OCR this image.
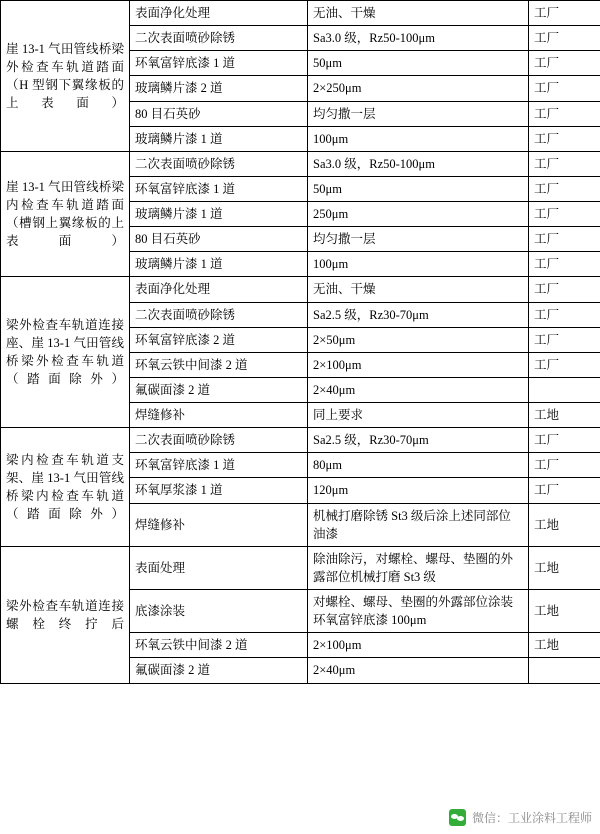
崖 13-1 气田管线桥梁外检查车轨道踏面（H 型钢下翼缘板的上表面）	表面净化处理	无油、干燥	工厂
	二次表面喷砂除锈	Sa3.0 级，Rz50-100μm	工厂
	环氧富锌底漆 1 道	50μm	工厂
	玻璃鳞片漆 2 道	2×250μm	工厂
	80 目石英砂	均匀撒一层	工厂
	玻璃鳞片漆 1 道	100μm	工厂
崖 13-1 气田管线桥梁内检查车轨道踏面（槽钢上翼缘板的上表面）	二次表面喷砂除锈	Sa3.0 级，Rz50-100μm	工厂
	环氧富锌底漆 1 道	50μm	工厂
	玻璃鳞片漆 1 道	250μm	工厂
	80 目石英砂	均匀撒一层	工厂
	玻璃鳞片漆 1 道	100μm	工厂
梁外检查车轨道连接座、崖 13-1 气田管线桥梁外检查车轨道（踏面除外）	表面净化处理	无油、干燥	工厂
	二次表面喷砂除锈	Sa2.5 级，Rz30-70μm	工厂
	环氧富锌底漆 2 道	2×50μm	工厂
	环氧云铁中间漆 2 道	2×100μm	工厂
	氟碳面漆 2 道	2×40μm	
	焊缝修补	同上要求	工地
梁内检查车轨道支架、崖 13-1 气田管线桥梁内检查车轨道（踏面除外）	二次表面喷砂除锈	Sa2.5 级，Rz30-70μm	工厂
	环氧富锌底漆 1 道	80μm	工厂
	环氧厚浆漆 1 道	120μm	工厂
	焊缝修补	机械打磨除锈 St3 级后涂上述同部位油漆	工地
梁外检查车轨道连接螺栓终拧后	表面处理	除油除污，对螺栓、螺母、垫圈的外露部位机械打磨 St3 级	工地
	底漆涂装	对螺栓、螺母、垫圈的外露部位涂装环氧富锌底漆 100μm	工地
	环氧云铁中间漆 2 道	2×100μm	工地
	氟碳面漆 2 道	2×40μm	
微信：工业涂料工程师
